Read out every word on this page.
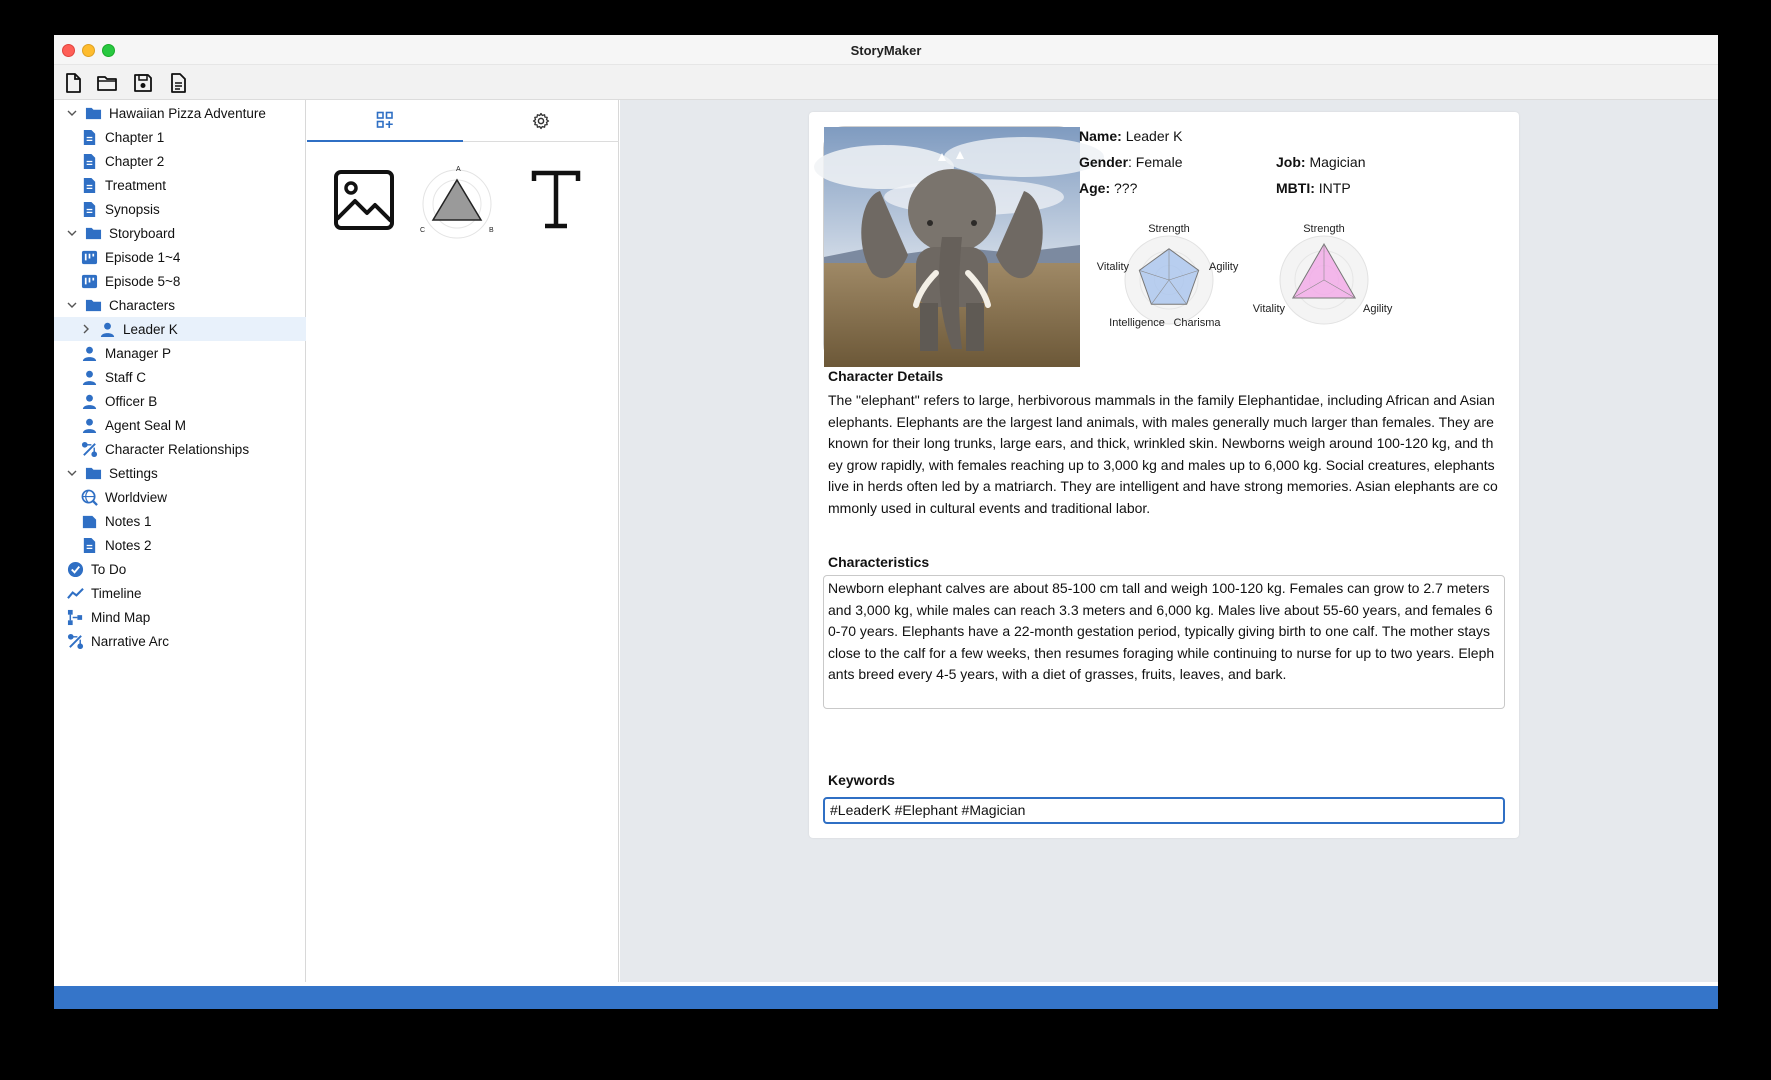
StoryMaker
Hawaiian Pizza Adventure
Chapter 1
Chapter 2
Treatment
Synopsis
Storyboard
Episode 1~4
Episode 5~8
Characters
Leader K
Manager P
Staff C
Officer B
Agent Seal M
Character Relationships
Settings
Worldview
Notes 1
Notes 2
To Do
Timeline
Mind Map
Narrative Arc
A
B
C
Name: Leader K
Gender: Female
Age: ???
Job: Magician
MBTI: INTP
Strength
Agility
Charisma
Intelligence
Vitality
Strength
Agility
Vitality
Character Details
The "elephant" refers to large, herbivorous mammals in the family Elephantidae, including African and Asian elephants. Elephants are the largest land animals, with males generally much larger than females. They are known for their long trunks, large ears, and thick, wrinkled skin. Newborns weigh around 100-120 kg, and they grow rapidly, with females reaching up to 3,000 kg and males up to 6,000 kg. Social creatures, elephants live in herds often led by a matriarch. They are intelligent and have strong memories. Asian elephants are commonly used in cultural events and traditional labor.
Characteristics
Newborn elephant calves are about 85-100 cm tall and weigh 100-120 kg. Females can grow to 2.7 meters and 3,000 kg, while males can reach 3.3 meters and 6,000 kg. Males live about 55-60 years, and females 60-70 years. Elephants have a 22-month gestation period, typically giving birth to one calf. The mother stays close to the calf for a few weeks, then resumes foraging while continuing to nurse for up to two years. Elephants breed every 4-5 years, with a diet of grasses, fruits, leaves, and bark.
Keywords
#LeaderK #Elephant #Magician
